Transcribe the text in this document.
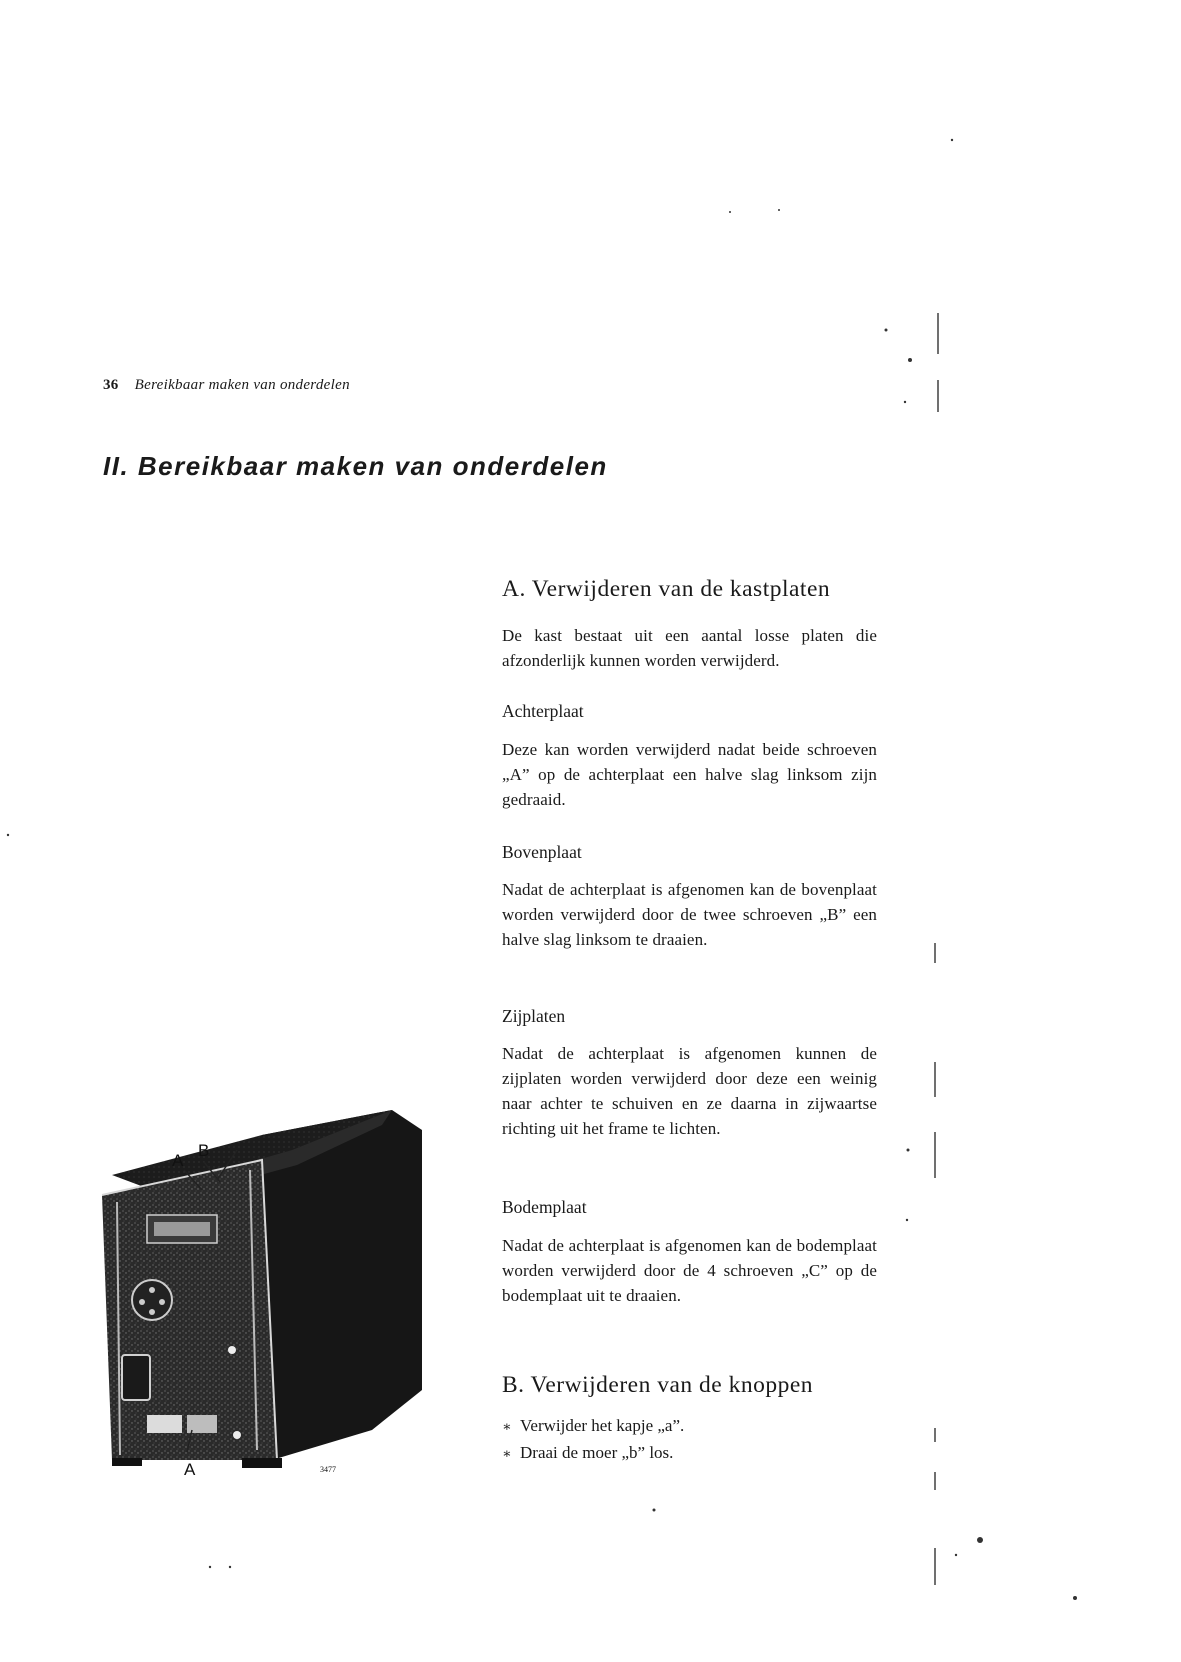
36 Bereikbaar maken van onderdelen
II. Bereikbaar maken van onderdelen
A. Verwijderen van de kastplaten
De kast bestaat uit een aantal losse platen die afzonderlijk kunnen worden verwijderd.
Achterplaat
Deze kan worden verwijderd nadat beide schroeven „A” op de achterplaat een halve slag linksom zijn gedraaid.
Bovenplaat
Nadat de achterplaat is afgenomen kan de bovenplaat worden verwijderd door de twee schroeven „B” een halve slag linksom te draaien.
Zijplaten
Nadat de achterplaat is afgenomen kunnen de zijplaten worden verwijderd door deze een weinig naar achter te schuiven en ze daarna in zijwaartse richting uit het frame te lichten.
Bodemplaat
Nadat de achterplaat is afgenomen kan de bodemplaat worden verwijderd door de 4 schroeven „C” op de bodemplaat uit te draaien.
B. Verwijderen van de knoppen
∗ Verwijder het kapje „a”.
∗ Draai de moer „b” los.
A
B
A	3477
